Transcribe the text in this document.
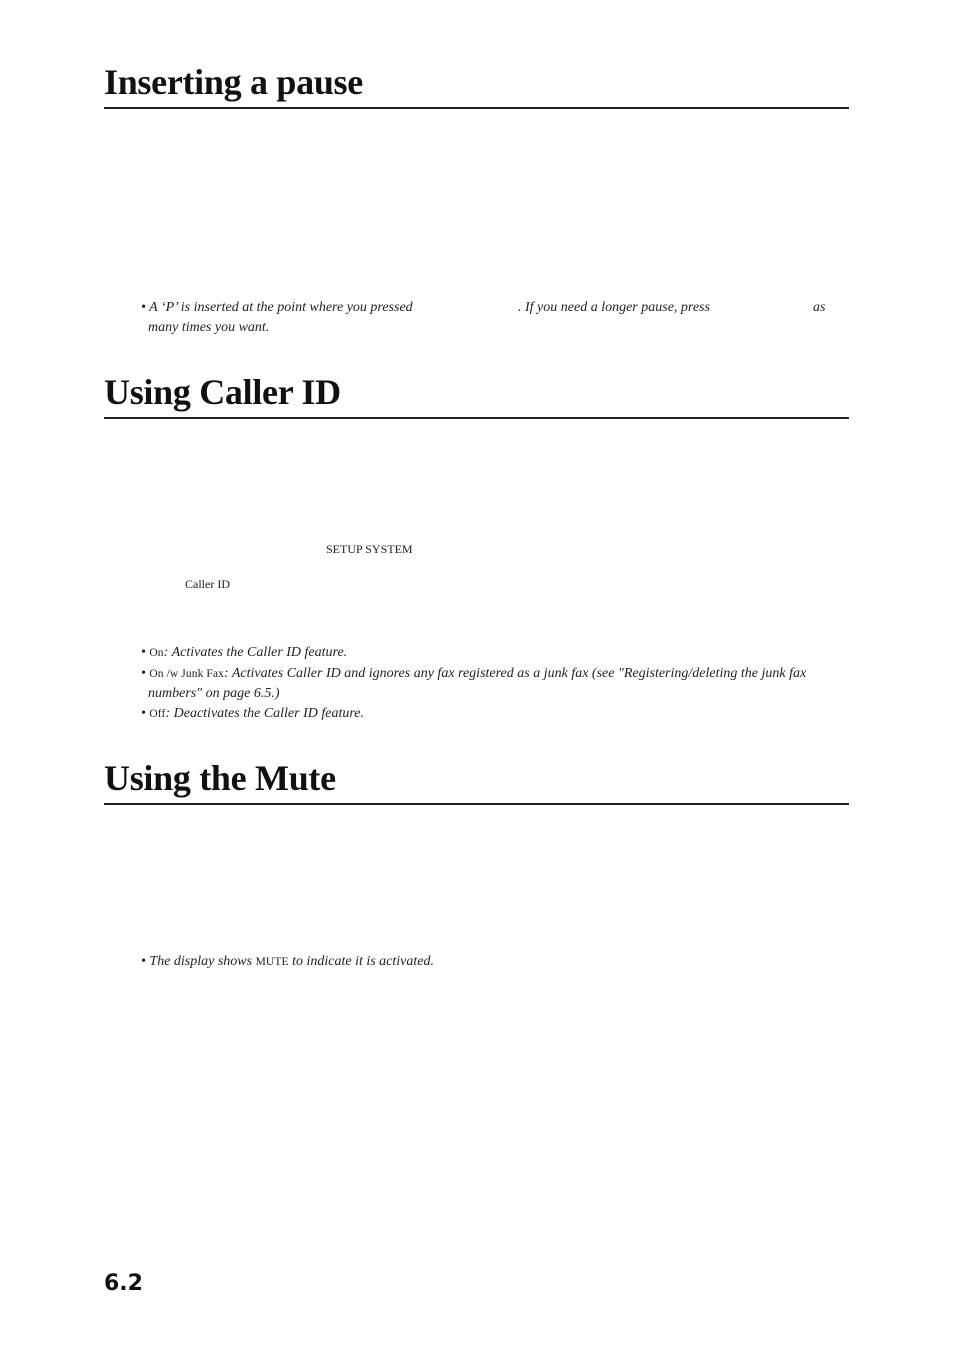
Inserting a pause
• A ‘P’ is inserted at the point where you pressed	. If you need a longer pause, press	as
many times you want.
Using Caller ID
SETUP SYSTEM
Caller ID
• On: Activates the Caller ID feature.
• On /w Junk Fax: Activates Caller ID and ignores any fax registered as a junk fax (see "Registering/deleting the junk fax
numbers" on page 6.5.)
• Off: Deactivates the Caller ID feature.
Using the Mute
• The display shows MUTE to indicate it is activated.
6.2
